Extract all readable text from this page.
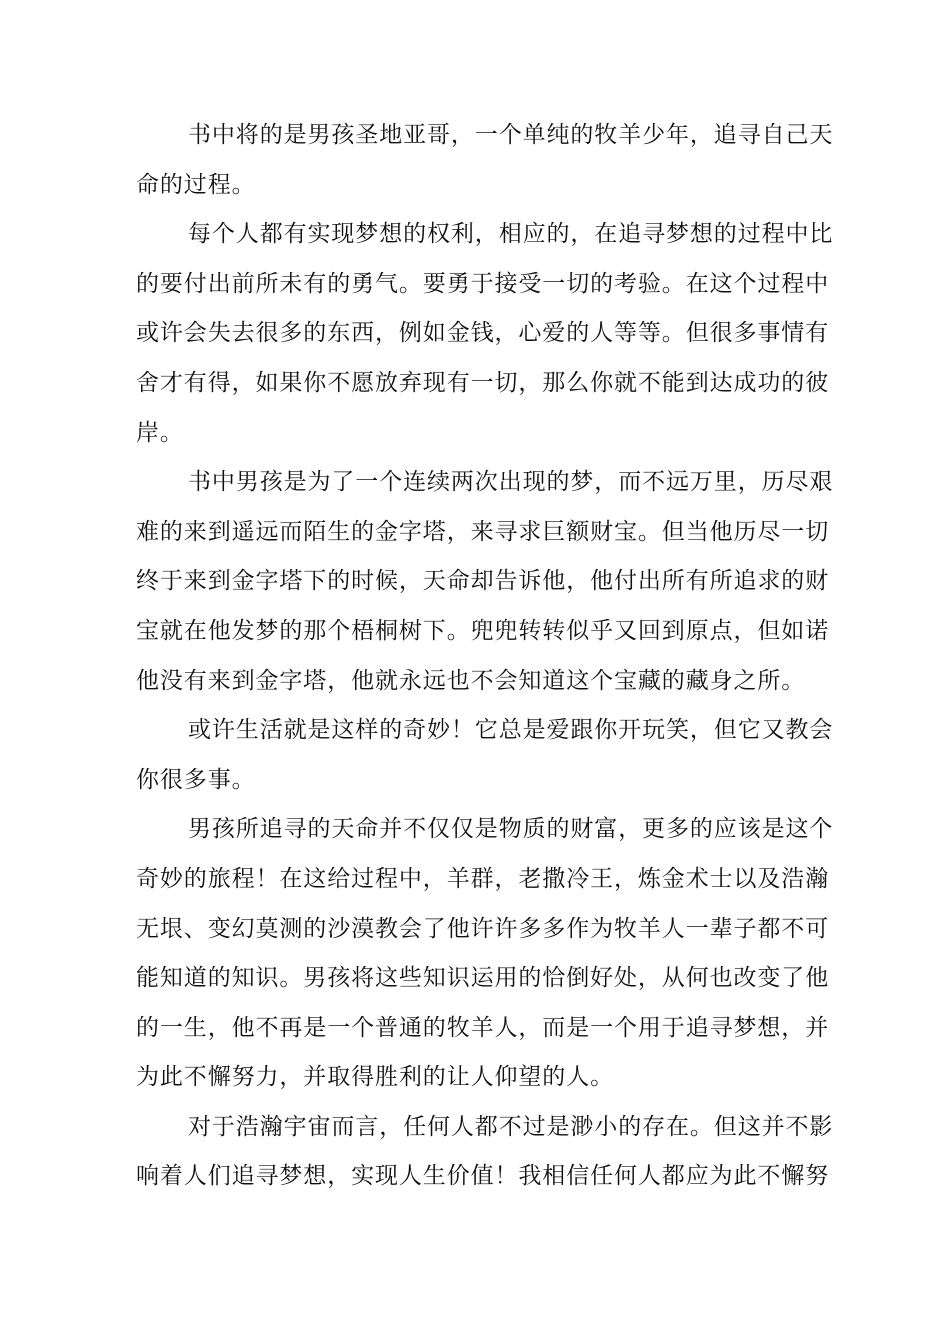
书中将的是男孩圣地亚哥，一个单纯的牧羊少年，追寻自己天
命的过程。
每个人都有实现梦想的权利，相应的，在追寻梦想的过程中比
的要付出前所未有的勇气。要勇于接受一切的考验。在这个过程中
或许会失去很多的东西，例如金钱，心爱的人等等。但很多事情有
舍才有得，如果你不愿放弃现有一切，那么你就不能到达成功的彼
岸。
书中男孩是为了一个连续两次出现的梦，而不远万里，历尽艰
难的来到遥远而陌生的金字塔，来寻求巨额财宝。但当他历尽一切
终于来到金字塔下的时候，天命却告诉他，他付出所有所追求的财
宝就在他发梦的那个梧桐树下。兜兜转转似乎又回到原点，但如诺
他没有来到金字塔，他就永远也不会知道这个宝藏的藏身之所。
或许生活就是这样的奇妙！它总是爱跟你开玩笑，但它又教会
你很多事。
男孩所追寻的天命并不仅仅是物质的财富，更多的应该是这个
奇妙的旅程！在这给过程中，羊群，老撒冷王，炼金术士以及浩瀚
无垠、变幻莫测的沙漠教会了他许许多多作为牧羊人一辈子都不可
能知道的知识。男孩将这些知识运用的恰倒好处，从何也改变了他
的一生，他不再是一个普通的牧羊人，而是一个用于追寻梦想，并
为此不懈努力，并取得胜利的让人仰望的人。
对于浩瀚宇宙而言，任何人都不过是渺小的存在。但这并不影
响着人们追寻梦想，实现人生价值！我相信任何人都应为此不懈努
